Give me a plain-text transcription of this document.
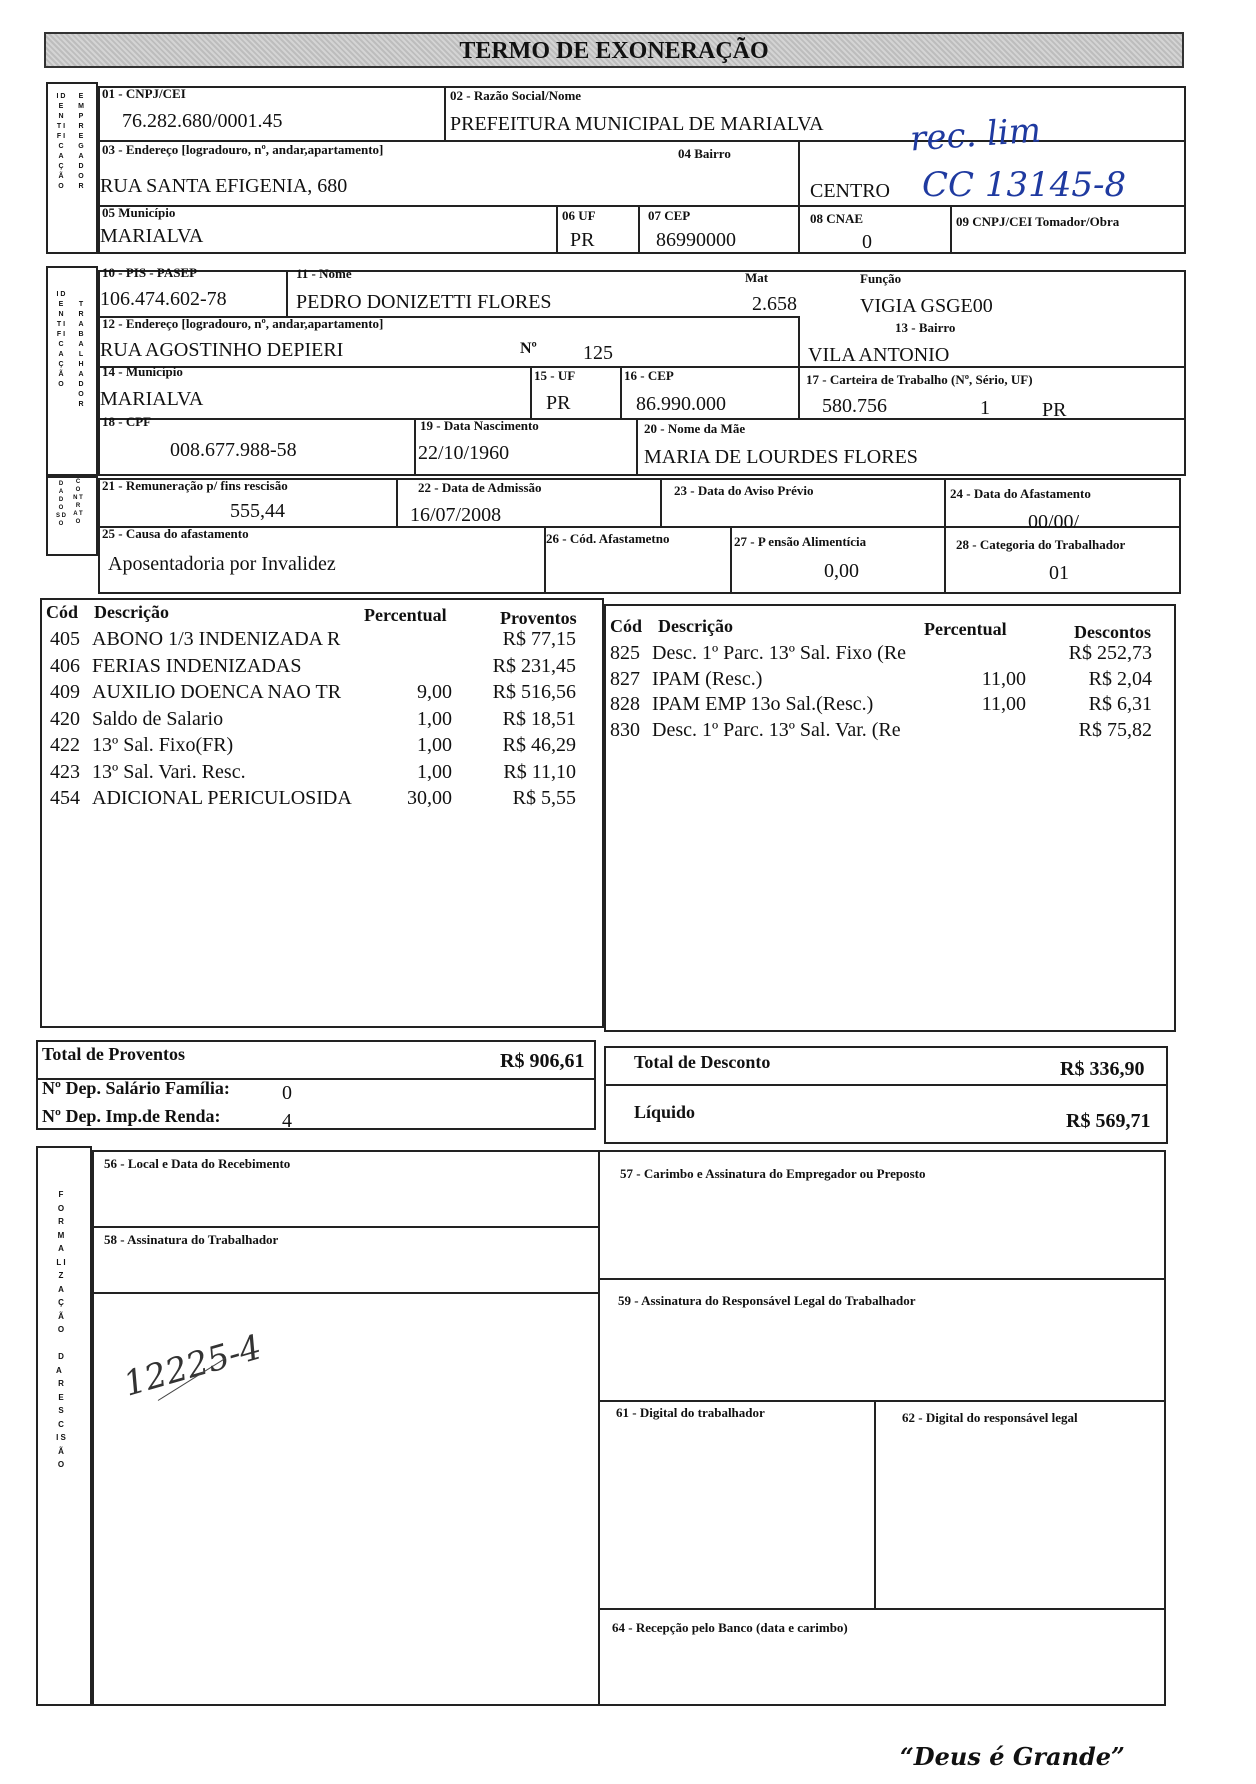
TERMO DE EXONERAÇÃO
I D E N T I F I C A Ç Ã O
E M P R E G A D O R
01 - CNPJ/CEI
76.282.680/0001.45
02 - Razão Social/Nome
PREFEITURA MUNICIPAL DE MARIALVA
03 - Endereço [logradouro, nº, andar,apartamento]	04 Bairro
RUA SANTA EFIGENIA, 680	CENTRO
05 Município
MARIALVA
06 UF
PR
07 CEP
86990000
08 CNAE
0
09 CNPJ/CEI Tomador/Obra
rec. lim
CC 13145-8
I D E N T I F I C A Ç Ã O
T R A B A L H A D O R
10 - PIS - PASEP
106.474.602-78
11 - Nome
PEDRO DONIZETTI FLORES
Mat
2.658
Função
VIGIA GSGE00
12 - Endereço [logradouro, nº, andar,apartamento]
RUA AGOSTINHO DEPIERI	Nº 125
13 - Bairro
VILA ANTONIO
14 - Município
MARIALVA
15 - UF
PR
16 - CEP
86.990.000
17 - Carteira de Trabalho (Nº, Sério, UF)
580.756	1	PR
18 - CPF
008.677.988-58
19 - Data Nascimento
22/10/1960
20 - Nome da Mãe
MARIA DE LOURDES FLORES
D A D O S D O
C O N T R A T O
21 - Remuneração p/ fins rescisão
555,44
22 - Data de Admissão
16/07/2008
23 - Data do Aviso Prévio	24 - Data do Afastamento
00/00/
25 - Causa do afastamento
Aposentadoria por Invalidez
26 - Cód. Afastametno	27 - P ensão Alimentícia
0,00
28 - Categoria do Trabalhador
01
Cód Descrição	Percentual	Proventos
405 ABONO 1/3 INDENIZADA R	R$ 77,15
406 FERIAS INDENIZADAS	R$ 231,45
409 AUXILIO DOENCA NAO TR	9,00	R$ 516,56
420 Saldo de Salario	1,00	R$ 18,51
422 13º Sal. Fixo(FR)	1,00	R$ 46,29
423 13º Sal. Vari. Resc.	1,00	R$ 11,10
454 ADICIONAL PERICULOSIDA	30,00	R$ 5,55
Cód Descrição	Percentual	Descontos
825 Desc. 1º Parc. 13º Sal. Fixo (Re	R$ 252,73
827 IPAM (Resc.)	11,00	R$ 2,04
828 IPAM EMP 13o Sal.(Resc.)	11,00	R$ 6,31
830 Desc. 1º Parc. 13º Sal. Var. (Re	R$ 75,82
Total de Proventos	R$ 906,61	Total de Desconto	R$ 336,90
Nº Dep. Salário Família:	0
Nº Dep. Imp.de Renda:	4	Líquido	R$ 569,71
F O R M A L I Z A Ç Ã O   D A   R E S C I S Ã O
56 - Local e Data do Recebimento
57 - Carimbo e Assinatura do Empregador ou Preposto
58 - Assinatura do Trabalhador
59 - Assinatura do Responsável Legal do Trabalhador
61 - Digital do trabalhador	62 - Digital do responsável legal
64 - Recepção pelo Banco (data e carimbo)
12225-4
“Deus é Grande”
